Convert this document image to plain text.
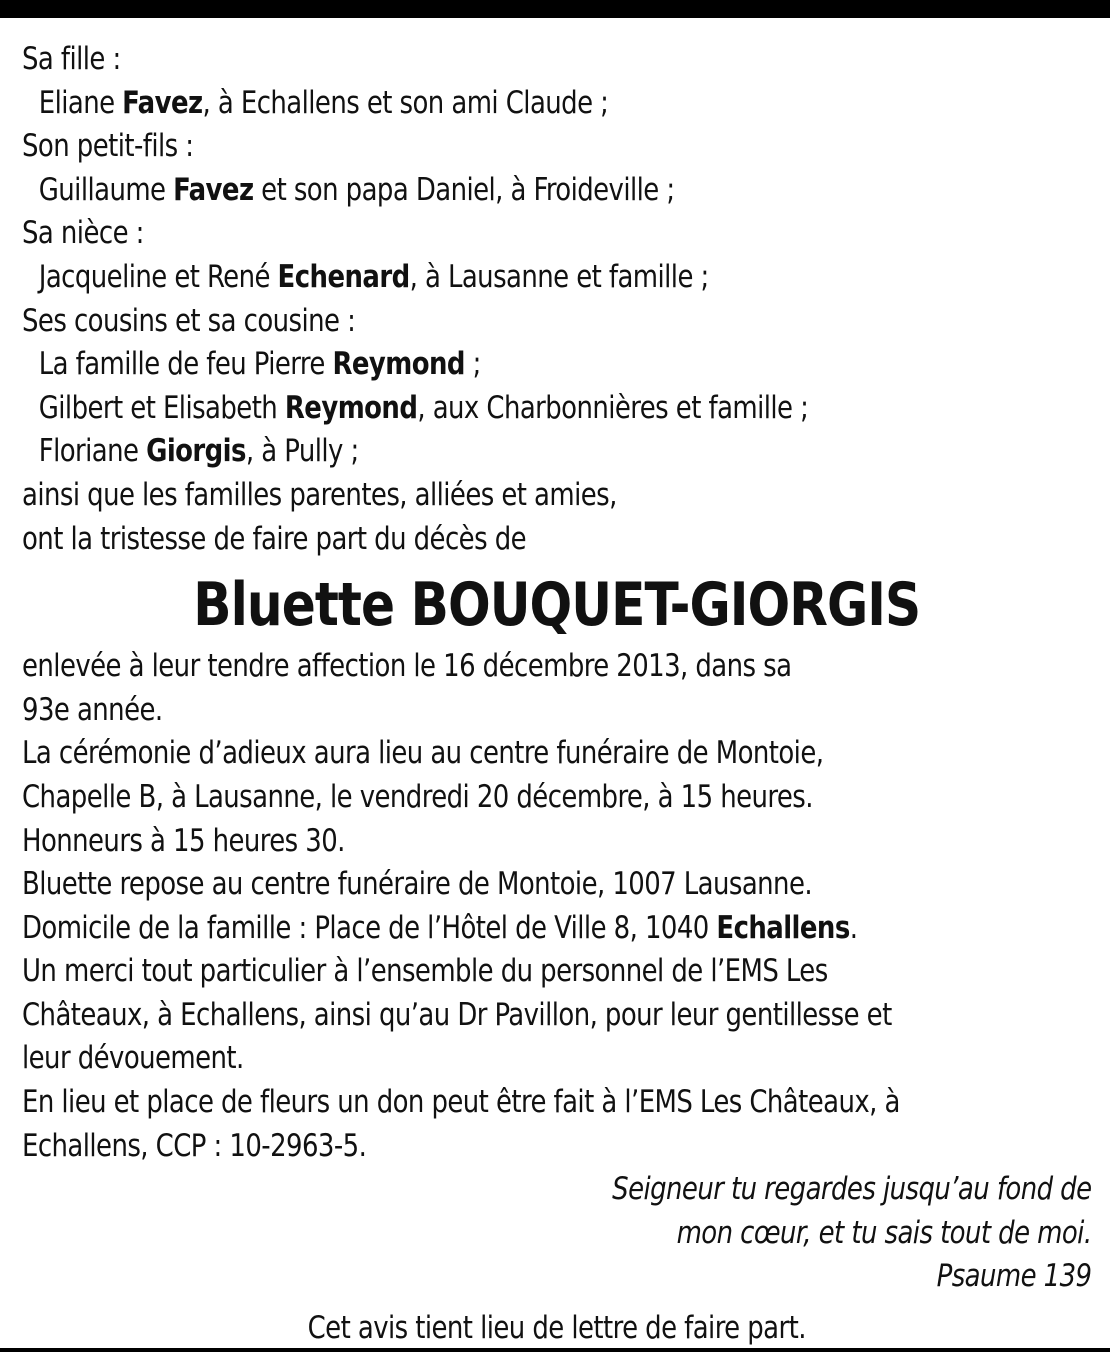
Sa fille :
Eliane Favez, à Echallens et son ami Claude ;
Son petit-fils :
Guillaume Favez et son papa Daniel, à Froideville ;
Sa nièce :
Jacqueline et René Echenard, à Lausanne et famille ;
Ses cousins et sa cousine :
La famille de feu Pierre Reymond ;
Gilbert et Elisabeth Reymond, aux Charbonnières et famille ;
Floriane Giorgis, à Pully ;
ainsi que les familles parentes, alliées et amies,
ont la tristesse de faire part du décès de
Bluette BOUQUET-GIORGIS
enlevée à leur tendre affection le 16 décembre 2013, dans sa
93e année.
La cérémonie d’adieux aura lieu au centre funéraire de Montoie,
Chapelle B, à Lausanne, le vendredi 20 décembre, à 15 heures.
Honneurs à 15 heures 30.
Bluette repose au centre funéraire de Montoie, 1007 Lausanne.
Domicile de la famille : Place de l’Hôtel de Ville 8, 1040 Echallens.
Un merci tout particulier à l’ensemble du personnel de l’EMS Les
Châteaux, à Echallens, ainsi qu’au Dr Pavillon, pour leur gentillesse et
leur dévouement.
En lieu et place de fleurs un don peut être fait à l’EMS Les Châteaux, à
Echallens, CCP : 10-2963-5.
Seigneur tu regardes jusqu’au fond de
mon cœur, et tu sais tout de moi.
Psaume 139
Cet avis tient lieu de lettre de faire part.
